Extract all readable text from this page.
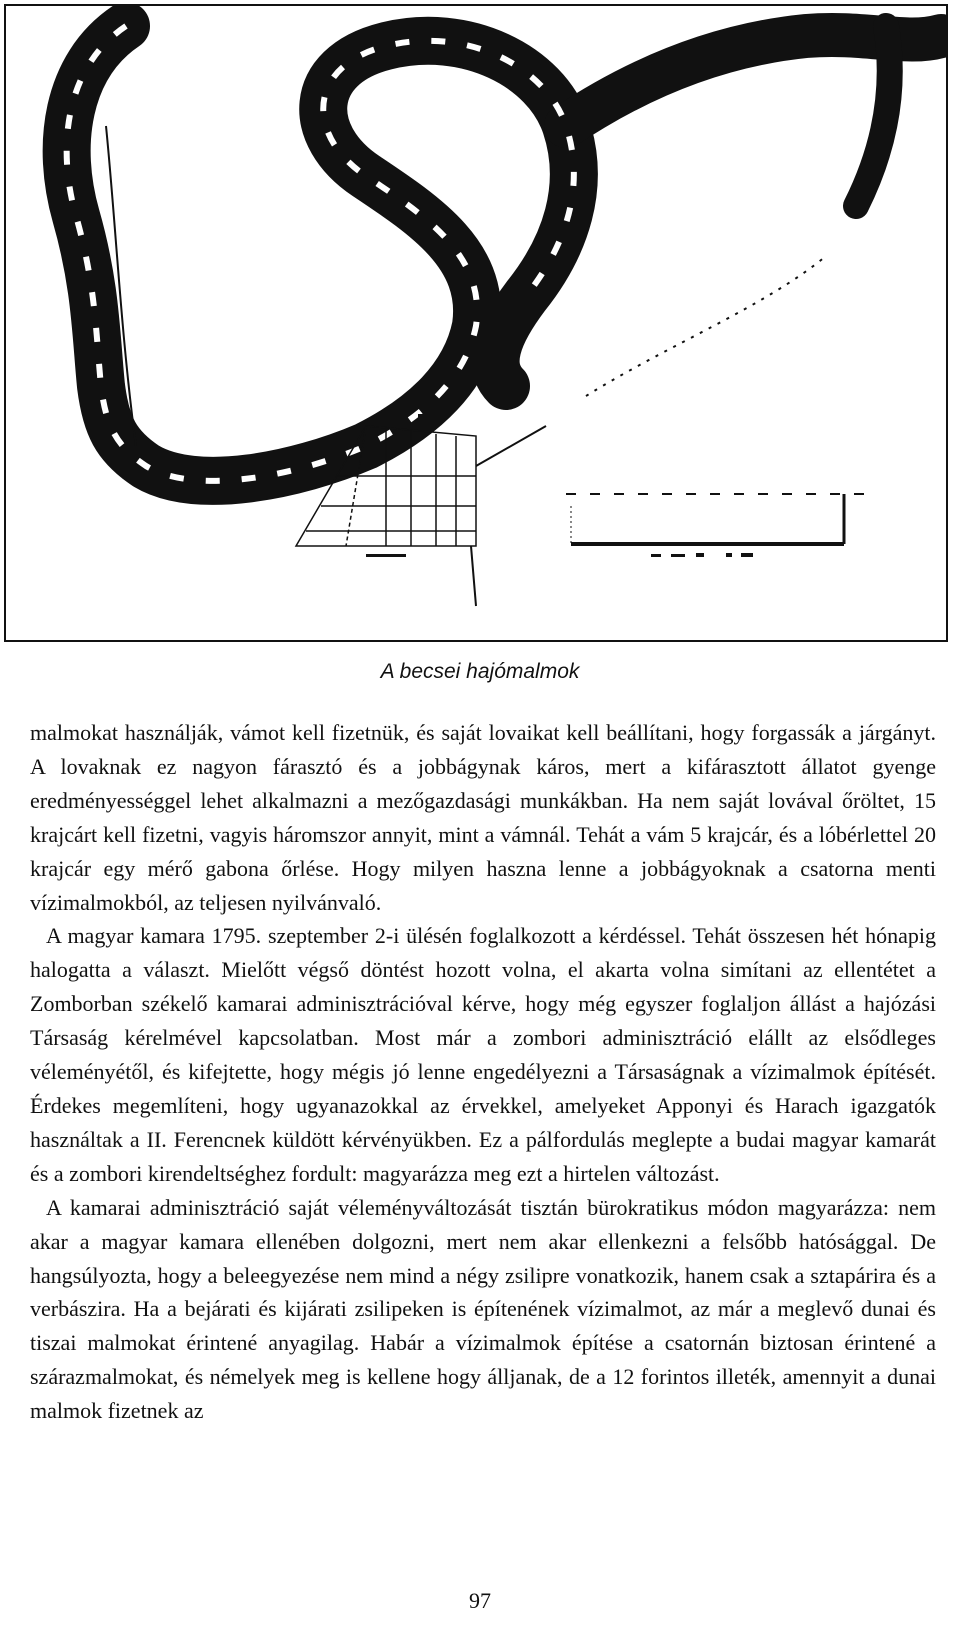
A becsei hajómalmok

malmokat használják, vámot kell fizetnük, és saját lovaikat kell beállítani, hogy forgassák a járgányt. A lovaknak ez nagyon fárasztó és a jobbágynak káros, mert a kifárasztott állatot gyenge eredményességgel lehet alkalmazni a mezőgazdasági munkákban. Ha nem saját lovával őröltet, 15 krajcárt kell fizetni, vagyis háromszor annyit, mint a vámnál. Tehát a vám 5 krajcár, és a lóbérlettel 20 krajcár egy mérő gabona őrlése. Hogy milyen haszna lenne a jobbágyoknak a csatorna menti vízimalmokból, az teljesen nyilvánvaló.

A magyar kamara 1795. szeptember 2-i ülésén foglalkozott a kérdéssel. Tehát összesen hét hónapig halogatta a választ. Mielőtt végső döntést hozott volna, el akarta volna simítani az ellentétet a Zomborban székelő kamarai adminisztrációval kérve, hogy még egyszer foglaljon állást a hajózási Társaság kérelmével kapcsolatban. Most már a zombori adminisztráció elállt az elsődleges véleményétől, és kifejtette, hogy mégis jó lenne engedélyezni a Társaságnak a vízimalmok építését. Érdekes megemlíteni, hogy ugyanazokkal az érvekkel, amelyeket Apponyi és Harach igazgatók használtak a II. Ferencnek küldött kérvényükben. Ez a pálfordulás meglepte a budai magyar kamarát és a zombori kirendeltséghez fordult: magyarázza meg ezt a hirtelen változást.

A kamarai adminisztráció saját véleményváltozását tisztán bürokratikus módon magyarázza: nem akar a magyar kamara ellenében dolgozni, mert nem akar ellenkezni a felsőbb hatósággal. De hangsúlyozta, hogy a beleegyezése nem mind a négy zsilipre vonatkozik, hanem csak a sztapárira és a verbászira. Ha a bejárati és kijárati zsilipeken is építenének vízimalmot, az már a meglevő dunai és tiszai malmokat érintené anyagilag. Habár a vízimalmok építése a csatornán biztosan érintené a szárazmalmokat, és némelyek meg is kellene hogy álljanak, de a 12 forintos illeték, amennyit a dunai malmok fizetnek az

97
